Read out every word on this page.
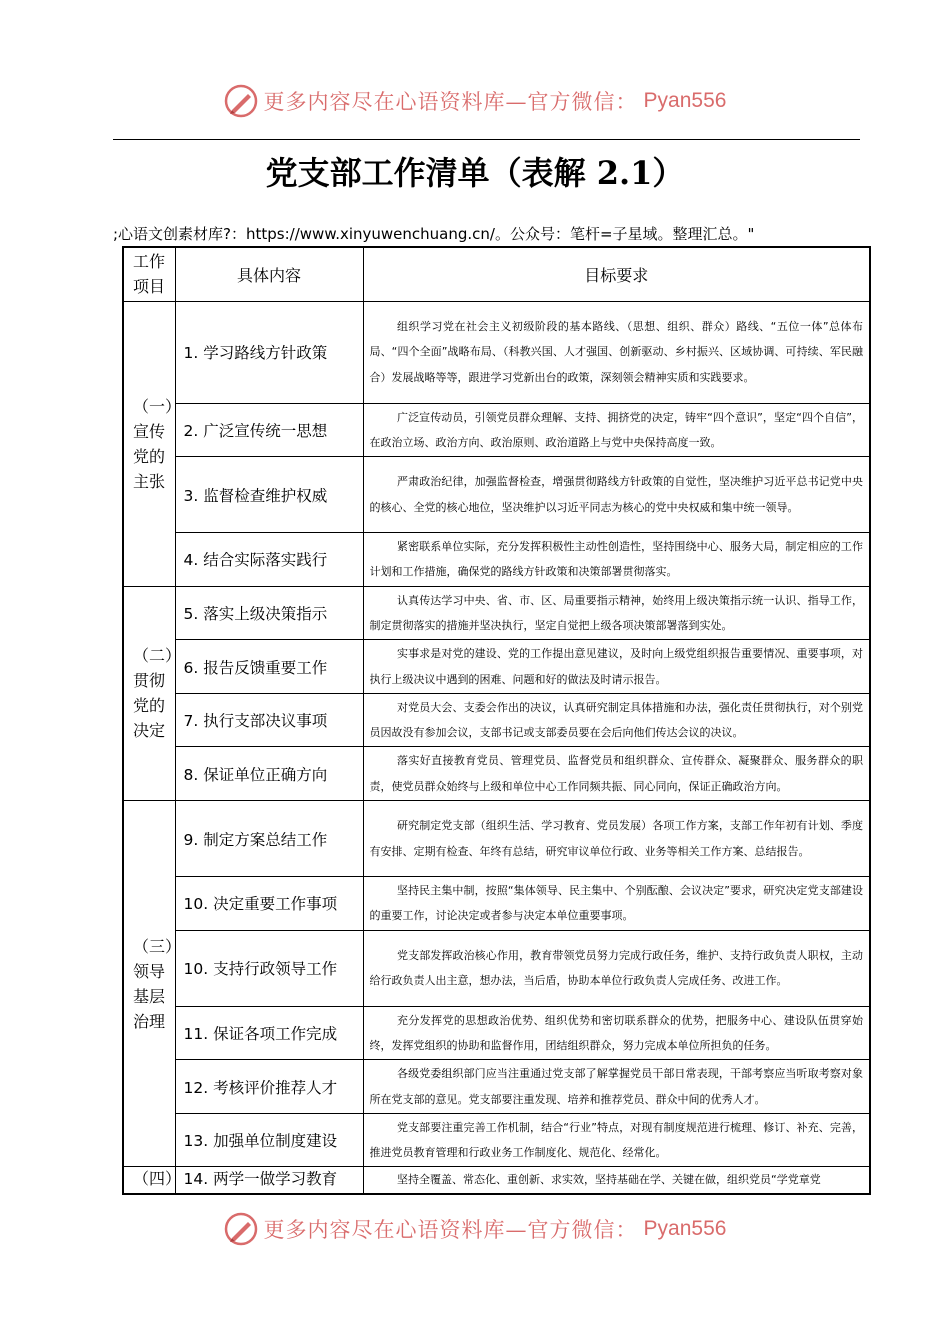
更多内容尽在心语资料库—官方微信： Pyan556
党支部工作清单（表解 2.1）
;心语文创素材库?：https://www.xinyuwenchuang.cn/。公众号：笔杆=子星域。整理汇总。"
工作项目	具体内容	目标要求
（一）宣传党的主张	1. 学习路线方针政策	组织学习党在社会主义初级阶段的基本路线、（思想、组织、群众）路线、“五位一体”总体布局、“四个全面”战略布局、（科教兴国、人才强国、创新驱动、乡村振兴、区域协调、可持续、军民融合）发展战略等等，跟进学习党新出台的政策，深刻领会精神实质和实践要求。
	2. 广泛宣传统一思想	广泛宣传动员，引领党员群众理解、支持、拥挤党的决定，铸牢“四个意识”，坚定“四个自信”，在政治立场、政治方向、政治原则、政治道路上与党中央保持高度一致。
	3. 监督检查维护权威	严肃政治纪律，加强监督检查，增强贯彻路线方针政策的自觉性，坚决维护习近平总书记党中央的核心、全党的核心地位，坚决维护以习近平同志为核心的党中央权威和集中统一领导。
	4. 结合实际落实践行	紧密联系单位实际，充分发挥积极性主动性创造性，坚持围绕中心、服务大局，制定相应的工作计划和工作措施，确保党的路线方针政策和决策部署贯彻落实。
（二）贯彻党的决定	5. 落实上级决策指示	认真传达学习中央、省、市、区、局重要指示精神，始终用上级决策指示统一认识、指导工作，制定贯彻落实的措施并坚决执行，坚定自觉把上级各项决策部署落到实处。
	6. 报告反馈重要工作	实事求是对党的建设、党的工作提出意见建议，及时向上级党组织报告重要情况、重要事项，对执行上级决议中遇到的困难、问题和好的做法及时请示报告。
	7. 执行支部决议事项	对党员大会、支委会作出的决议，认真研究制定具体措施和办法，强化责任贯彻执行，对个别党员因故没有参加会议，支部书记或支部委员要在会后向他们传达会议的决议。
	8. 保证单位正确方向	落实好直接教育党员、管理党员、监督党员和组织群众、宣传群众、凝聚群众、服务群众的职责，使党员群众始终与上级和单位中心工作同频共振、同心同向，保证正确政治方向。
（三）领导基层治理	9. 制定方案总结工作	研究制定党支部（组织生活、学习教育、党员发展）各项工作方案，支部工作年初有计划、季度有安排、定期有检查、年终有总结，研究审议单位行政、业务等相关工作方案、总结报告。
	10. 决定重要工作事项	坚持民主集中制，按照“集体领导、民主集中、个别酝酿、会议决定”要求，研究决定党支部建设的重要工作，讨论决定或者参与决定本单位重要事项。
	10. 支持行政领导工作	党支部发挥政治核心作用，教育带领党员努力完成行政任务，维护、支持行政负责人职权，主动给行政负责人出主意，想办法，当后盾，协助本单位行政负责人完成任务、改进工作。
	11. 保证各项工作完成	充分发挥党的思想政治优势、组织优势和密切联系群众的优势，把服务中心、建设队伍贯穿始终，发挥党组织的协助和监督作用，团结组织群众，努力完成本单位所担负的任务。
	12. 考核评价推荐人才	各级党委组织部门应当注重通过党支部了解掌握党员干部日常表现，干部考察应当听取考察对象所在党支部的意见。党支部要注重发现、培养和推荐党员、群众中间的优秀人才。
	13. 加强单位制度建设	党支部要注重完善工作机制，结合“行业”特点，对现有制度规范进行梳理、修订、补充、完善，推进党员教育管理和行政业务工作制度化、规范化、经常化。
（四）	14. 两学一做学习教育	坚持全覆盖、常态化、重创新、求实效，坚持基础在学、关键在做，组织党员“学党章党
更多内容尽在心语资料库—官方微信： Pyan556
